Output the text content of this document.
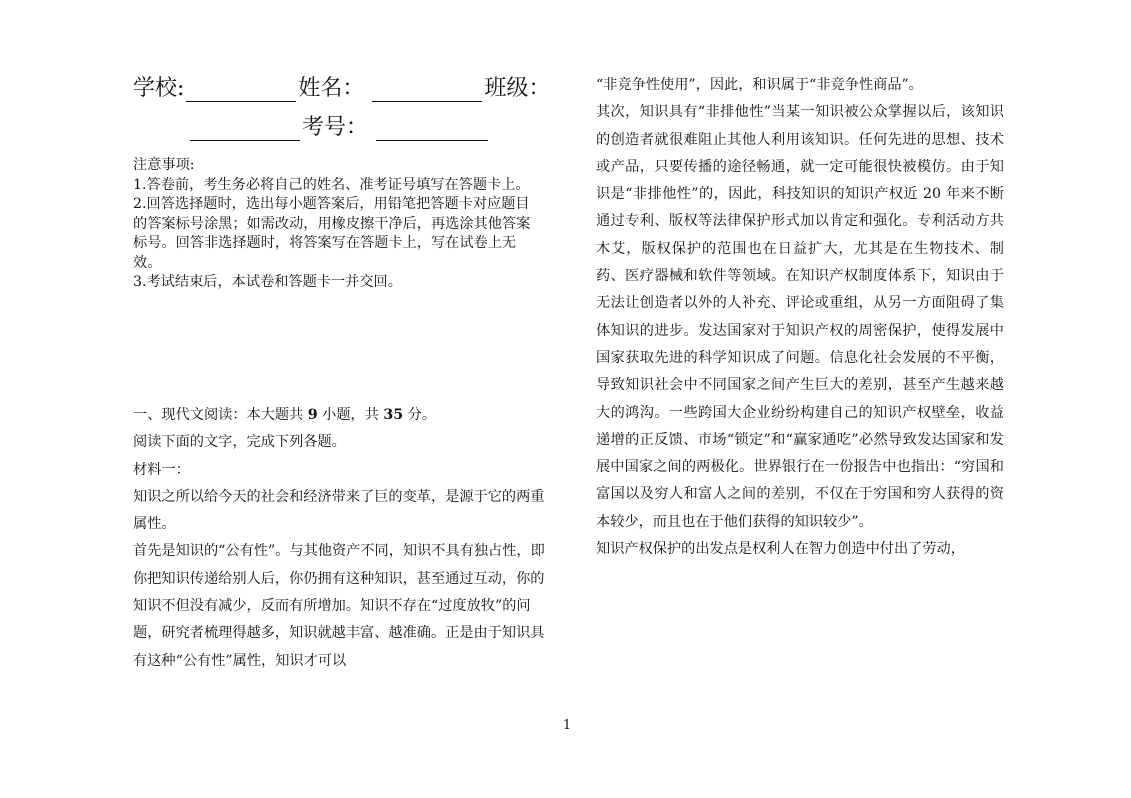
学校:	姓名：	班级：
考号：

注意事项:

1.答卷前，考生务必将自己的姓名、准考证号填写在答题卡上。

2.回答选择题时，选出每小题答案后，用铅笔把答题卡对应题目的答案标号涂黑；如需改动，用橡皮擦干净后，再选涂其他答案标号。回答非选择题时，将答案写在答题卡上，写在试卷上无效。

3.考试结束后，本试卷和答题卡一并交回。

一、现代文阅读：本大题共 9 小题，共 35 分。

阅读下面的文字，完成下列各题。

材料一：

知识之所以给今天的社会和经济带来了巨的变革，是源于它的两重属性。

首先是知识的“公有性”。与其他资产不同，知识不具有独占性，即你把知识传递给别人后，你仍拥有这种知识，甚至通过互动，你的知识不但没有减少，反而有所增加。知识不存在“过度放牧”的问题，研究者梳理得越多，知识就越丰富、越准确。正是由于知识具有这种“公有性”属性，知识才可以

“非竞争性使用”，因此，和识属于“非竞争性商品”。

其次，知识具有“非排他性”当某一知识被公众掌握以后，该知识的创造者就很难阻止其他人利用该知识。任何先进的思想、技术或产品，只要传播的途径畅通，就一定可能很快被模仿。由于知识是“非排他性”的，因此，科技知识的知识产权近 20 年来不断通过专利、版权等法律保护形式加以肯定和强化。专利活动方共木艾，版权保护的范围也在日益扩大，尤其是在生物技术、制药、医疗器械和软件等领域。在知识产权制度体系下，知识由于无法让创造者以外的人补充、评论或重组，从另一方面阻碍了集体知识的进步。发达国家对于知识产权的周密保护，使得发展中国家获取先进的科学知识成了问题。信息化社会发展的不平衡，导致知识社会中不同国家之间产生巨大的差别，甚至产生越来越大的鸿沟。一些跨国大企业纷纷构建自己的知识产权壁垒，收益递增的正反馈、市场“锁定”和“赢家通吃”必然导致发达国家和发展中国家之间的两极化。世界银行在一份报告中也指出：“穷国和富国以及穷人和富人之间的差别，不仅在于穷国和穷人获得的资本较少，而且也在于他们获得的知识较少”。

知识产权保护的出发点是权利人在智力创造中付出了劳动，

1
